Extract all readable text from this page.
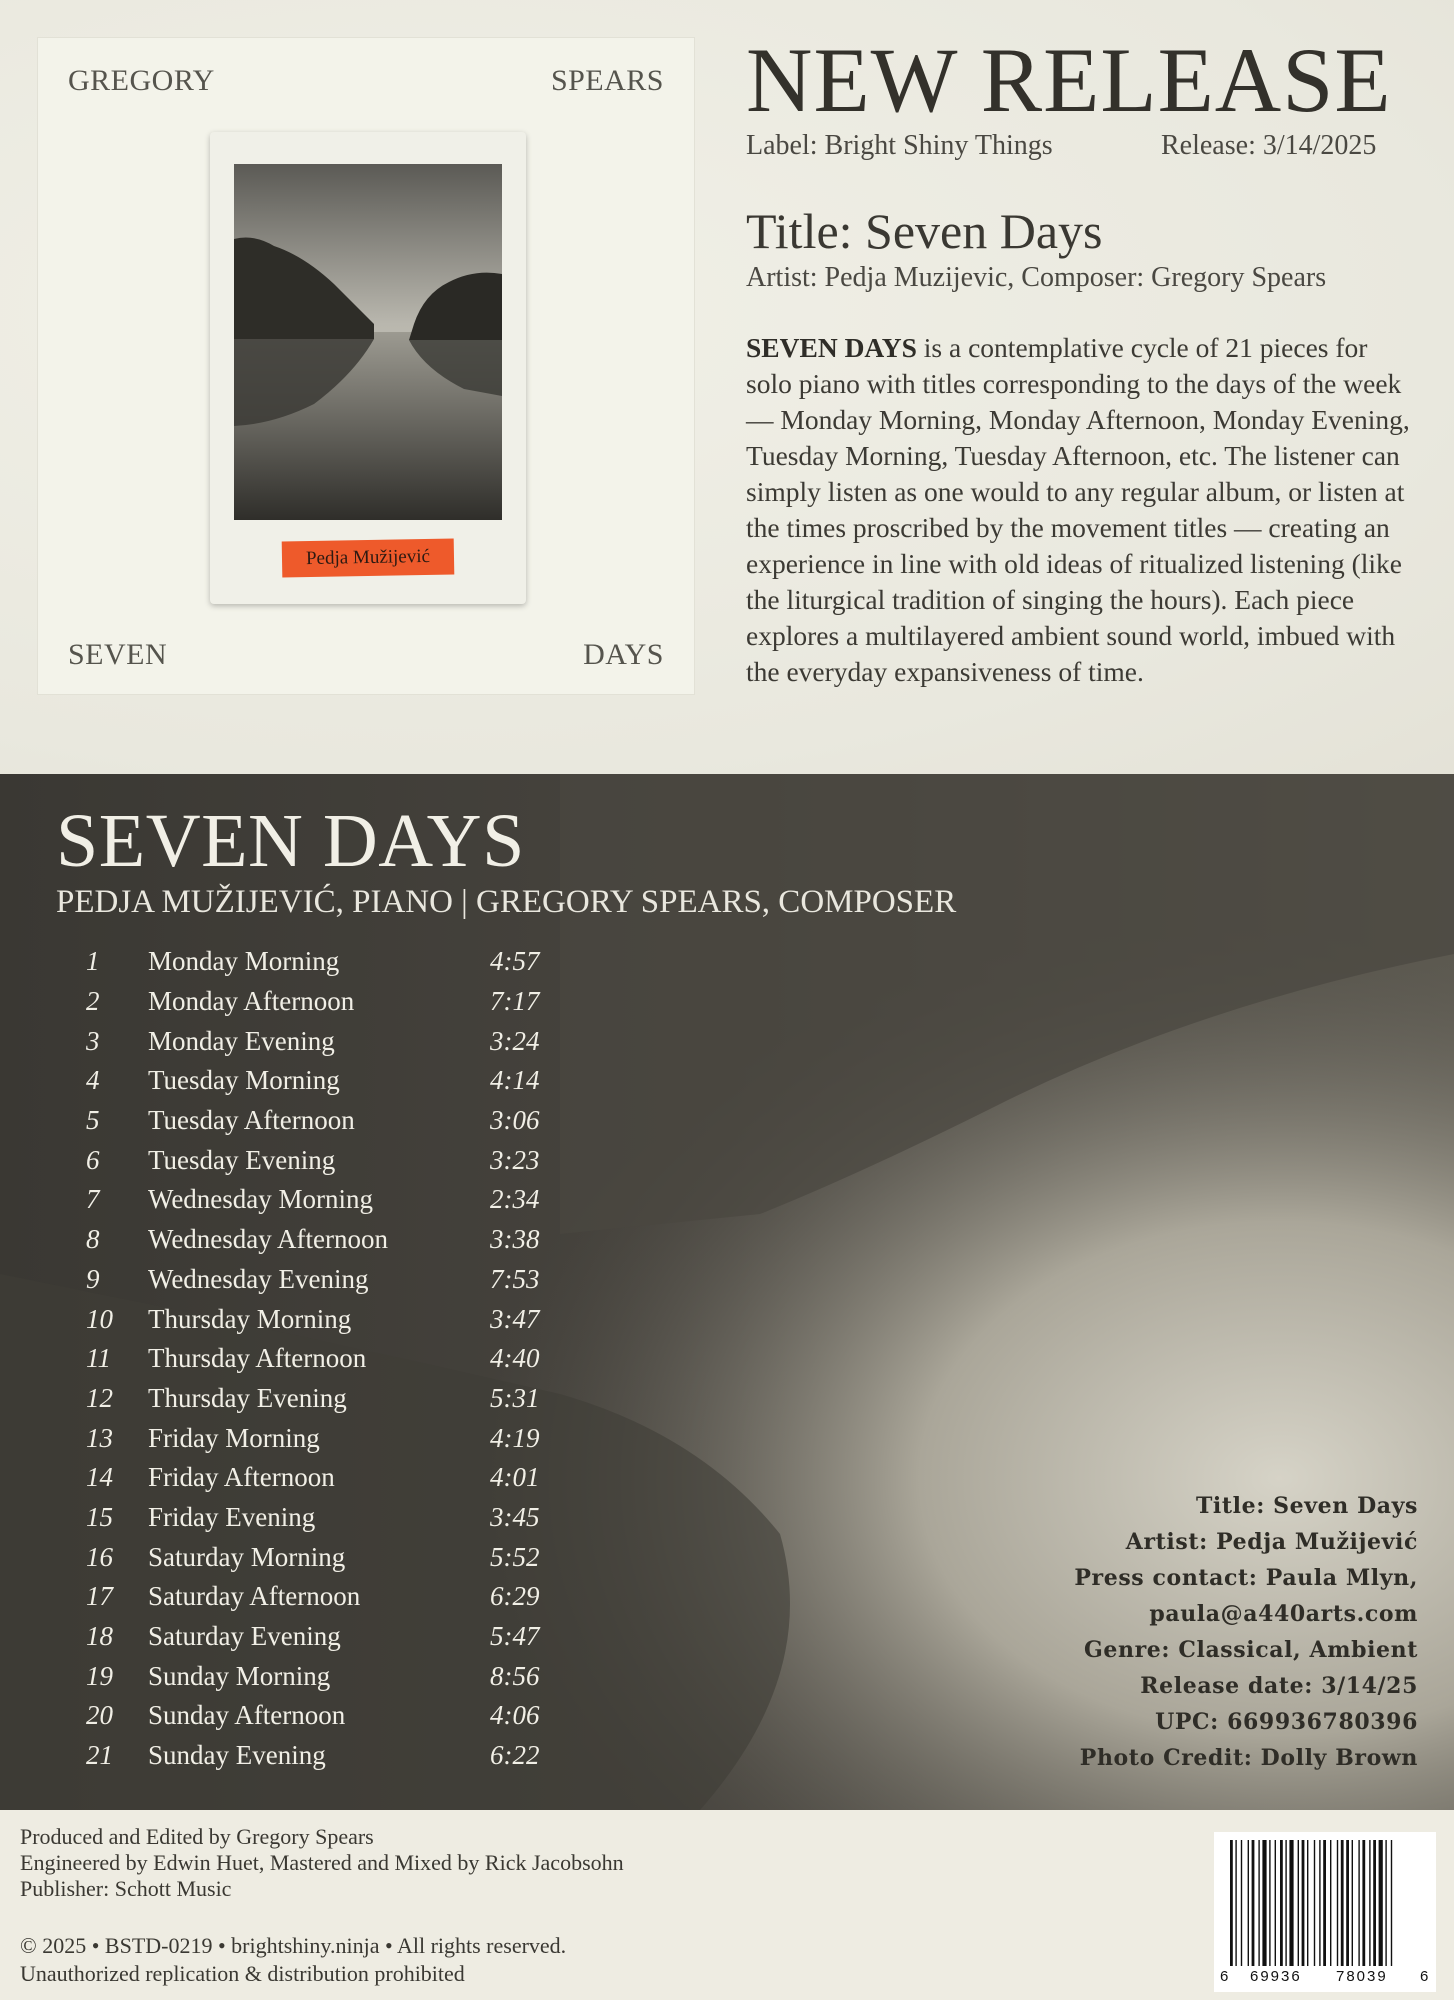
GREGORY	SPEARS
SEVEN	DAYS
Pedja Mužijević
NEW RELEASE
Label: Bright Shiny Things	Release: 3/14/2025
Title: Seven Days
Artist: Pedja Muzijevic, Composer: Gregory Spears
SEVEN DAYS is a contemplative cycle of 21 pieces for solo piano with titles corresponding to the days of the week — Monday Morning, Monday Afternoon, Monday Evening, Tuesday Morning, Tuesday Afternoon, etc. The listener can simply listen as one would to any regular album, or listen at the times proscribed by the movement titles — creating an experience in line with old ideas of ritualized listening (like the liturgical tradition of singing the hours). Each piece explores a multilayered ambient sound world, imbued with the everyday expansiveness of time.
SEVEN DAYS
PEDJA MUŽIJEVIĆ, PIANO | GREGORY SPEARS, COMPOSER
1	Monday Morning	4:57
2	Monday Afternoon	7:17
3	Monday Evening	3:24
4	Tuesday Morning	4:14
5	Tuesday Afternoon	3:06
6	Tuesday Evening	3:23
7	Wednesday Morning	2:34
8	Wednesday Afternoon	3:38
9	Wednesday Evening	7:53
10	Thursday Morning	3:47
11	Thursday Afternoon	4:40
12	Thursday Evening	5:31
13	Friday Morning	4:19
14	Friday Afternoon	4:01
15	Friday Evening	3:45
16	Saturday Morning	5:52
17	Saturday Afternoon	6:29
18	Saturday Evening	5:47
19	Sunday Morning	8:56
20	Sunday Afternoon	4:06
21	Sunday Evening	6:22
Title: Seven Days
Artist: Pedja Mužijević
Press contact: Paula Mlyn,
paula@a440arts.com
Genre: Classical, Ambient
Release date: 3/14/25
UPC: 669936780396
Photo Credit: Dolly Brown
Produced and Edited by Gregory Spears
Engineered by Edwin Huet, Mastered and Mixed by Rick Jacobsohn
Publisher: Schott Music
© 2025 • BSTD-0219 • brightshiny.ninja • All rights reserved.
Unauthorized replication & distribution prohibited	6 69936 78039 6
